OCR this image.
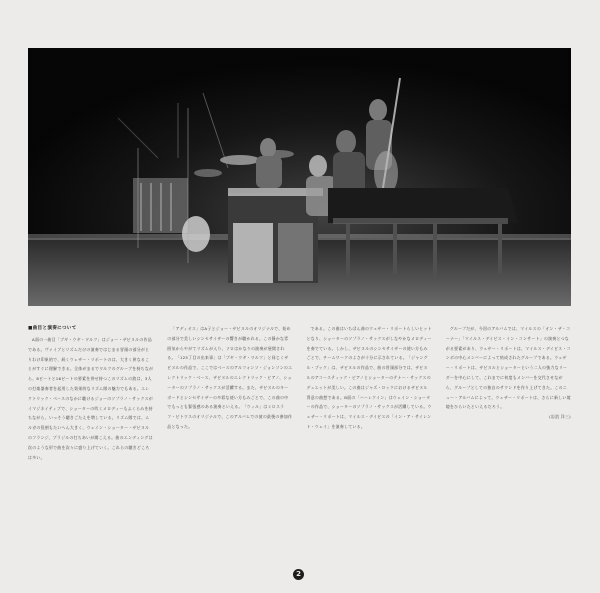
■曲目と演奏について

A面の一曲目「ブギ・ウギ・ワルツ」はジョー・ザビヌルの作品である。ヴァイブとリズムだけの演奏ではじまる冒頭の部分がとりわけ印象的で、続くウェザー・リポートのは、大きく異なることがすぐに理解できる。全体がまるでワルツのグルーブを持ちながら、8ビートと16ビートの要素を併せ持つこのリズムの波は、3人の打楽器奏者を起用した効果的なリズム隊の魅力でもある。エレクトリック・ベースのなかに聴けるジョーのソプラノ・サックスがイマジネイティブで、ショーターの吹くメロディーもふくらみを持ちながら、いっそう聴きごたえを増している。リズム隊では、ムルガの役割もたいへん大きく、ウェイン・ショーター・ザビヌルのフランジ、ブラジルの打ちあいが聞こえる。曲のエンディングは次のような形で曲を次々に盛り上げていく。これらの聴きどころは多い。

「アディオス」はA子とジョー・ザビヌルのオリジナルで、始めの部分で美しいシンセサイザーの響きが聴かれる。この静かな雰囲気からやがてリズムが入り、ソロはかなりの演奏が展開される。「125丁目の出来事」は「ブギ・ウギ・ワルツ」と同じくザビヌルの作品で、ここではベースのアルフォンソ・ジョンソンのエレクトリック・ベース、ザビヌルのエレクトリック・ピアノ、ショーターのソプラノ・サックスが活躍する。また、ザビヌルのキーボードとシンセサイザーの多彩な使い方もみごとで、この曲の中でもっとも緊張感のある演奏といえる。「ウィル」はミロスラフ・ビトウスのオリジナルで、このアルバムでの彼の最後の参加作品となった。

である。この曲はいちばん曲のウェザー・リポートらしいヒットとなり、ショーターのソプラノ・サックスがしなやかなメロディーを奏でている。しかし、ザビヌルのシンセサイザーの使い方もみごとで、チームワークのよさが十分に示されている。「ジャングル・ブック」は、ザビヌルの作品で、曲の冒頭部分では、ザビヌルのアコースティック・ピアノとショーターのテナー・サックスのデュエットが美しい。この曲はジャズ・ロックにおけるザビヌル得意の曲想である。B面の「ハーレクイン」はウェイン・ショーターの作品で、ショーターのソプラノ・サックスが活躍している。ウェザー・リポートは、マイルス・デイビスの「イン・ア・サイレント・ウェイ」を演奏している。

グループだが、今回のアルバムでは、マイルスの「オン・ザ・コーナー」「マイルス・デイビス・イン・コンサート」の演奏とつながる要素があり、ウェザー・リポートは、マイルス・デイビス・コンボの中心メンバーによって結成されたグループである。ウェザー・リポートは、ザビヌルとショーターという二人の強力なリーダーを中心にして、これまでに何度もメンバーを交代させながら、グループとしての独自のサウンドを作り上げてきた。このニュー・アルバムによって、ウェザー・リポートは、さらに新しい境地をひらいたといえるだろう。

(岩浪 洋三)

2
